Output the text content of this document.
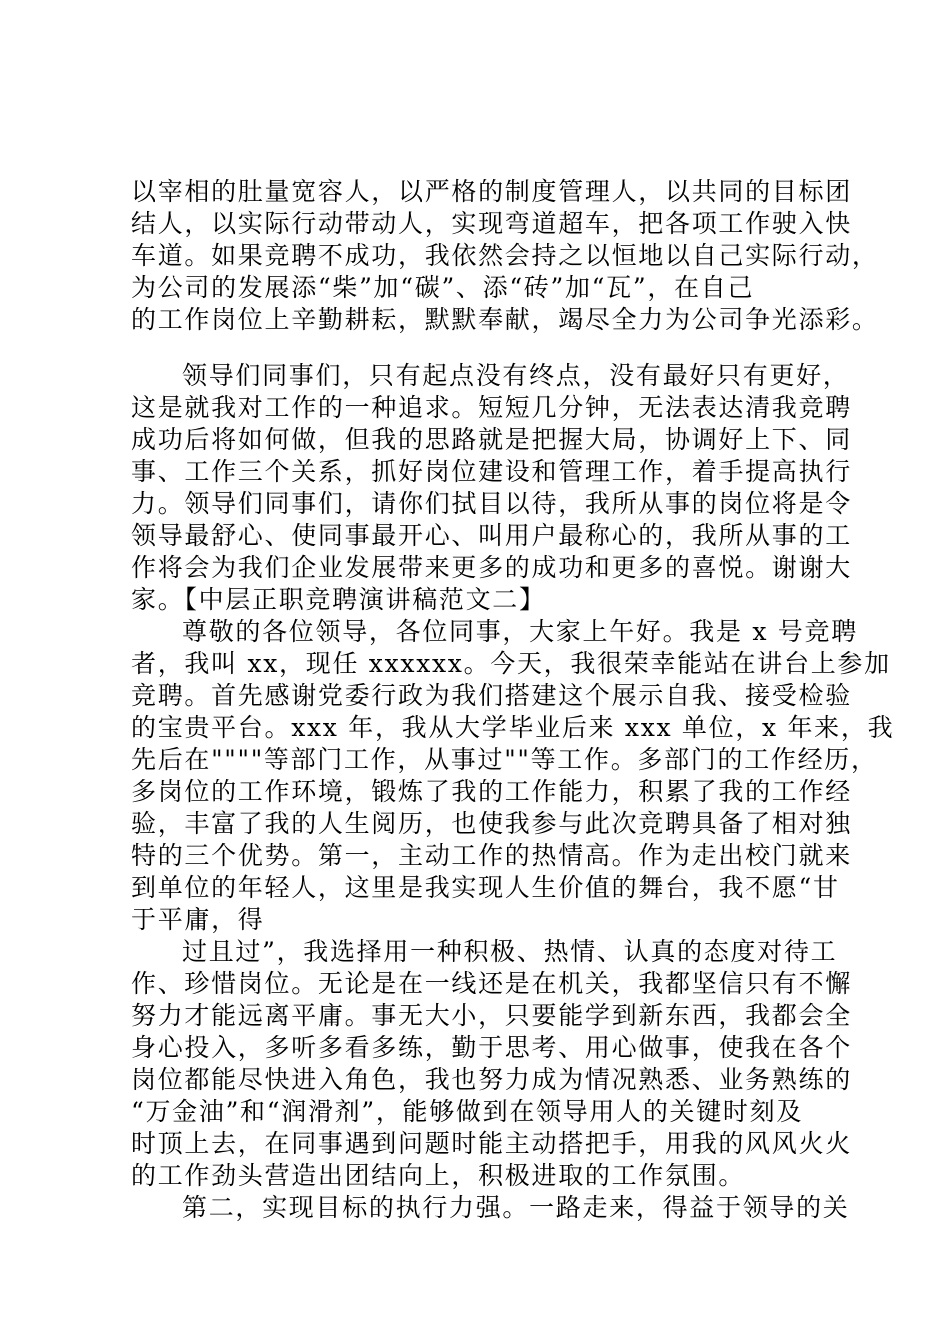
以宰相的肚量宽容人，以严格的制度管理人，以共同的目标团
结人，以实际行动带动人，实现弯道超车，把各项工作驶入快
车道。如果竞聘不成功，我依然会持之以恒地以自己实际行动，
为公司的发展添“柴”加“碳”、添“砖”加“瓦”，在自己
的工作岗位上辛勤耕耘，默默奉献，竭尽全力为公司争光添彩。
领导们同事们，只有起点没有终点，没有最好只有更好，
这是就我对工作的一种追求。短短几分钟，无法表达清我竞聘
成功后将如何做，但我的思路就是把握大局，协调好上下、同
事、工作三个关系，抓好岗位建设和管理工作，着手提高执行
力。领导们同事们，请你们拭目以待，我所从事的岗位将是令
领导最舒心、使同事最开心、叫用户最称心的，我所从事的工
作将会为我们企业发展带来更多的成功和更多的喜悦。谢谢大
家。【中层正职竞聘演讲稿范文二】
尊敬的各位领导，各位同事，大家上午好。我是 x 号竞聘
者，我叫 xx，现任 xxxxxx。今天，我很荣幸能站在讲台上参加
竞聘。首先感谢党委行政为我们搭建这个展示自我、接受检验
的宝贵平台。xxx 年，我从大学毕业后来 xxx 单位，x 年来，我
先后在""""等部门工作，从事过""等工作。多部门的工作经历，
多岗位的工作环境，锻炼了我的工作能力，积累了我的工作经
验，丰富了我的人生阅历，也使我参与此次竞聘具备了相对独
特的三个优势。第一，主动工作的热情高。作为走出校门就来
到单位的年轻人，这里是我实现人生价值的舞台，我不愿“甘
于平庸，得
过且过”，我选择用一种积极、热情、认真的态度对待工
作、珍惜岗位。无论是在一线还是在机关，我都坚信只有不懈
努力才能远离平庸。事无大小，只要能学到新东西，我都会全
身心投入，多听多看多练，勤于思考、用心做事，使我在各个
岗位都能尽快进入角色，我也努力成为情况熟悉、业务熟练的
“万金油”和“润滑剂”，能够做到在领导用人的关键时刻及
时顶上去，在同事遇到问题时能主动搭把手，用我的风风火火
的工作劲头营造出团结向上，积极进取的工作氛围。
第二，实现目标的执行力强。一路走来，得益于领导的关
